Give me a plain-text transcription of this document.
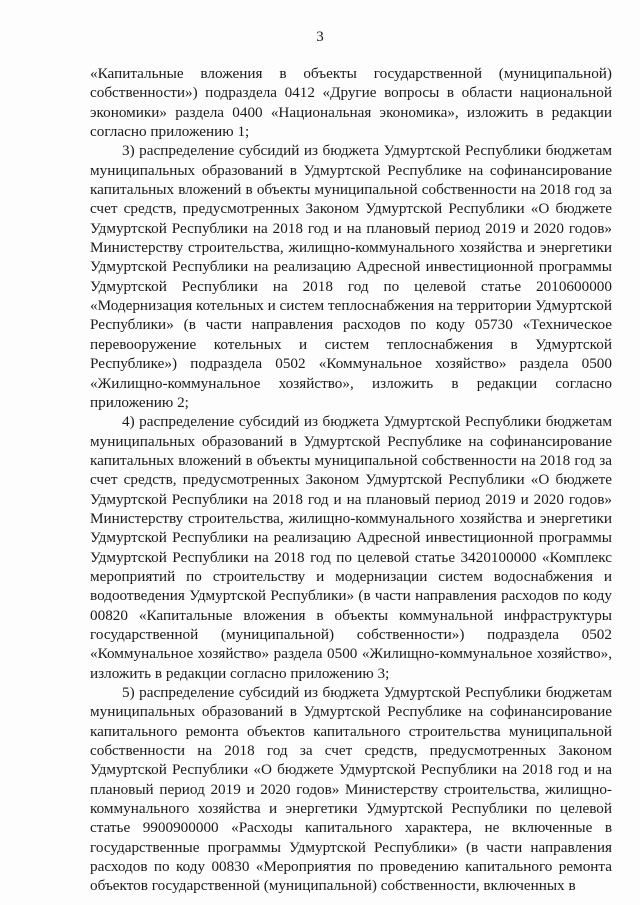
3

«Капитальные вложения в объекты государственной (муниципальной) собственности») подраздела 0412 «Другие вопросы в области национальной экономики» раздела 0400 «Национальная экономика», изложить в редакции согласно приложению 1;

3) распределение субсидий из бюджета Удмуртской Республики бюджетам муниципальных образований в Удмуртской Республике на софинансирование капитальных вложений в объекты муниципальной собственности на 2018 год за счет средств, предусмотренных Законом Удмуртской Республики «О бюджете Удмуртской Республики на 2018 год и на плановый период 2019 и 2020 годов» Министерству строительства, жилищно-коммунального хозяйства и энергетики Удмуртской Республики на реализацию Адресной инвестиционной программы Удмуртской Республики на 2018 год по целевой статье 2010600000 «Модернизация котельных и систем теплоснабжения на территории Удмуртской Республики» (в части направления расходов по коду 05730 «Техническое перевооружение котельных и систем теплоснабжения в Удмуртской Республике») подраздела 0502 «Коммунальное хозяйство» раздела 0500 «Жилищно-коммунальное хозяйство», изложить в редакции согласно приложению 2;

4) распределение субсидий из бюджета Удмуртской Республики бюджетам муниципальных образований в Удмуртской Республике на софинансирование капитальных вложений в объекты муниципальной собственности на 2018 год за счет средств, предусмотренных Законом Удмуртской Республики «О бюджете Удмуртской Республики на 2018 год и на плановый период 2019 и 2020 годов» Министерству строительства, жилищно-коммунального хозяйства и энергетики Удмуртской Республики на реализацию Адресной инвестиционной программы Удмуртской Республики на 2018 год по целевой статье 3420100000 «Комплекс мероприятий по строительству и модернизации систем водоснабжения и водоотведения Удмуртской Республики» (в части направления расходов по коду 00820 «Капитальные вложения в объекты коммунальной инфраструктуры государственной (муниципальной) собственности») подраздела 0502 «Коммунальное хозяйство» раздела 0500 «Жилищно-коммунальное хозяйство», изложить в редакции согласно приложению 3;

5) распределение субсидий из бюджета Удмуртской Республики бюджетам муниципальных образований в Удмуртской Республике на софинансирование капитального ремонта объектов капитального строительства муниципальной собственности на 2018 год за счет средств, предусмотренных Законом Удмуртской Республики «О бюджете Удмуртской Республики на 2018 год и на плановый период 2019 и 2020 годов» Министерству строительства, жилищно-коммунального хозяйства и энергетики Удмуртской Республики по целевой статье 9900900000 «Расходы капитального характера, не включенные в государственные программы Удмуртской Республики» (в части направления расходов по коду 00830 «Мероприятия по проведению капитального ремонта объектов государственной (муниципальной) собственности, включенных в
